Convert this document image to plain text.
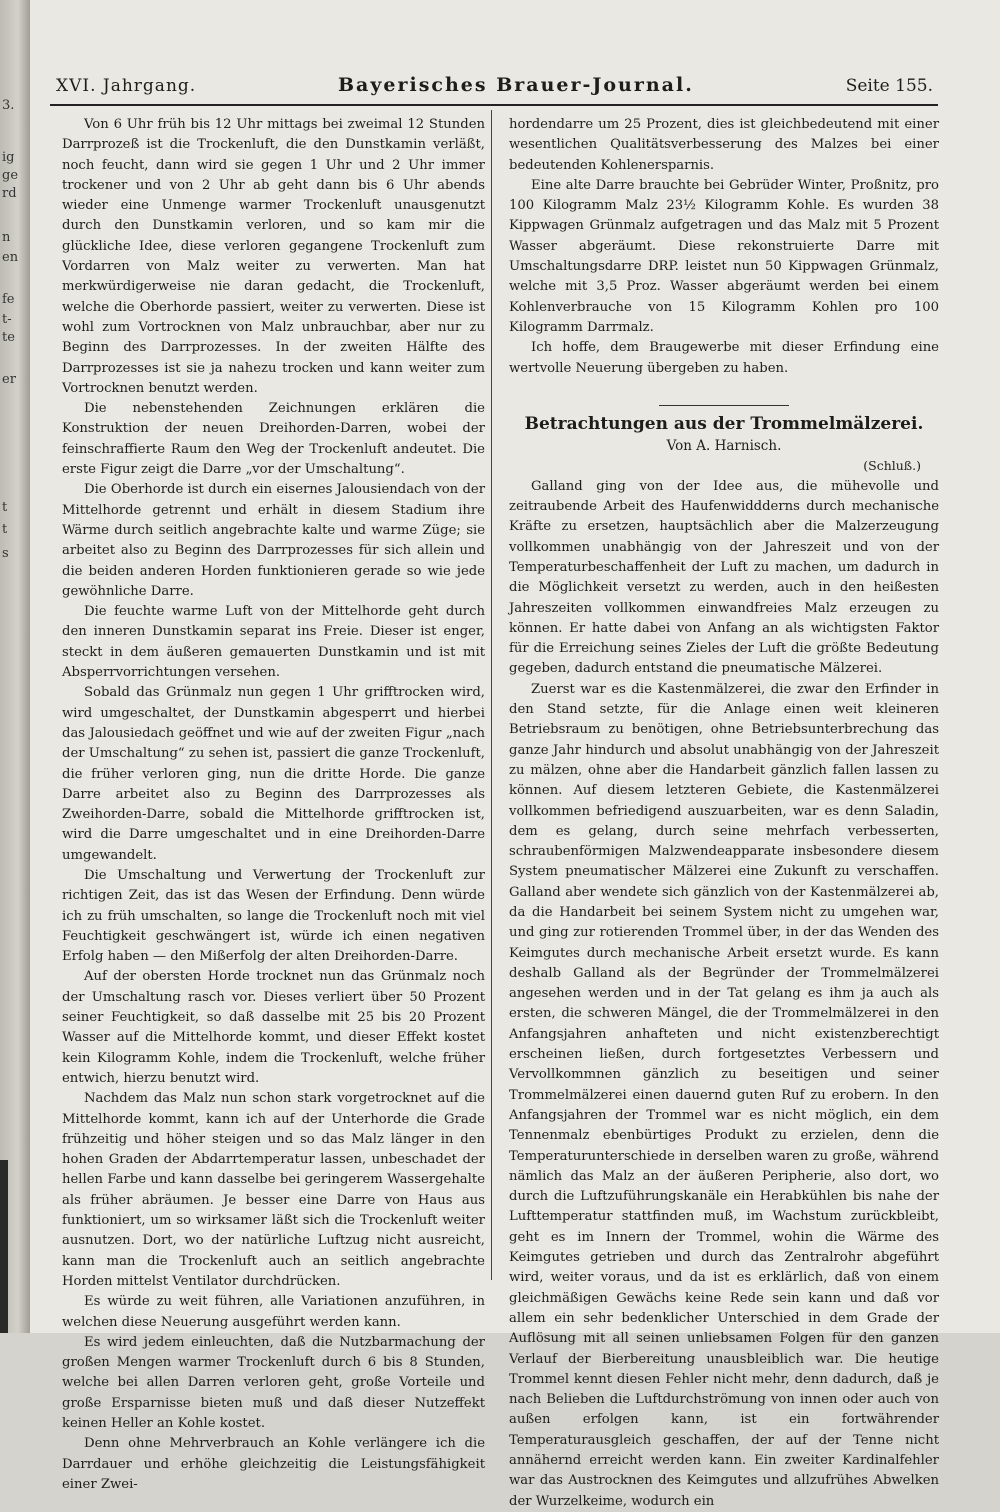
3.
ig
ge
rd
n
en
fe
t-
te
er
t
t
s
XVI. Jahrgang.	Bayerisches Brauer-Journal.	Seite 155.

Von 6 Uhr früh bis 12 Uhr mittags bei zweimal 12 Stunden Darrprozeß ist die Trockenluft, die den Dunstkamin verläßt, noch feucht, dann wird sie gegen 1 Uhr und 2 Uhr immer trockener und von 2 Uhr ab geht dann bis 6 Uhr abends wieder eine Unmenge warmer Trockenluft unausgenutzt durch den Dunstkamin verloren, und so kam mir die glückliche Idee, diese verloren gegangene Trockenluft zum Vordarren von Malz weiter zu verwerten. Man hat merkwürdigerweise nie daran gedacht, die Trockenluft, welche die Oberhorde passiert, weiter zu verwerten. Diese ist wohl zum Vortrocknen von Malz unbrauchbar, aber nur zu Beginn des Darrprozesses. In der zweiten Hälfte des Darrprozesses ist sie ja nahezu trocken und kann weiter zum Vortrocknen benutzt werden.

Die nebenstehenden Zeichnungen erklären die Konstruktion der neuen Dreihorden-Darren, wobei der feinschraffierte Raum den Weg der Trockenluft andeutet. Die erste Figur zeigt die Darre „vor der Umschaltung“.

Die Oberhorde ist durch ein eisernes Jalousiendach von der Mittelhorde getrennt und erhält in diesem Stadium ihre Wärme durch seitlich angebrachte kalte und warme Züge; sie arbeitet also zu Beginn des Darrprozesses für sich allein und die beiden anderen Horden funktionieren gerade so wie jede gewöhnliche Darre.

Die feuchte warme Luft von der Mittelhorde geht durch den inneren Dunstkamin separat ins Freie. Dieser ist enger, steckt in dem äußeren gemauerten Dunstkamin und ist mit Absperrvorrichtungen versehen.

Sobald das Grünmalz nun gegen 1 Uhr grifftrocken wird, wird umgeschaltet, der Dunstkamin abgesperrt und hierbei das Jalousiedach geöffnet und wie auf der zweiten Figur „nach der Umschaltung“ zu sehen ist, passiert die ganze Trockenluft, die früher verloren ging, nun die dritte Horde. Die ganze Darre arbeitet also zu Beginn des Darrprozesses als Zweihorden-Darre, sobald die Mittelhorde grifftrocken ist, wird die Darre umgeschaltet und in eine Dreihorden-Darre umgewandelt.

Die Umschaltung und Verwertung der Trockenluft zur richtigen Zeit, das ist das Wesen der Erfindung. Denn würde ich zu früh umschalten, so lange die Trockenluft noch mit viel Feuchtigkeit geschwängert ist, würde ich einen negativen Erfolg haben — den Mißerfolg der alten Dreihorden-Darre.

Auf der obersten Horde trocknet nun das Grünmalz noch der Umschaltung rasch vor. Dieses verliert über 50 Prozent seiner Feuchtigkeit, so daß dasselbe mit 25 bis 20 Prozent Wasser auf die Mittelhorde kommt, und dieser Effekt kostet kein Kilogramm Kohle, indem die Trockenluft, welche früher entwich, hierzu benutzt wird.

Nachdem das Malz nun schon stark vorgetrocknet auf die Mittelhorde kommt, kann ich auf der Unterhorde die Grade frühzeitig und höher steigen und so das Malz länger in den hohen Graden der Abdarrtemperatur lassen, unbeschadet der hellen Farbe und kann dasselbe bei geringerem Wassergehalte als früher abräumen. Je besser eine Darre von Haus aus funktioniert, um so wirksamer läßt sich die Trockenluft weiter ausnutzen. Dort, wo der natürliche Luftzug nicht ausreicht, kann man die Trockenluft auch an seitlich angebrachte Horden mittelst Ventilator durchdrücken.

Es würde zu weit führen, alle Variationen anzuführen, in welchen diese Neuerung ausgeführt werden kann.

Es wird jedem einleuchten, daß die Nutzbarmachung der großen Mengen warmer Trockenluft durch 6 bis 8 Stunden, welche bei allen Darren verloren geht, große Vorteile und große Ersparnisse bieten muß und daß dieser Nutzeffekt keinen Heller an Kohle kostet.

Denn ohne Mehrverbrauch an Kohle verlängere ich die Darrdauer und erhöhe gleichzeitig die Leistungsfähigkeit einer Zwei-

hordendarre um 25 Prozent, dies ist gleichbedeutend mit einer wesentlichen Qualitätsverbesserung des Malzes bei einer bedeutenden Kohlenersparnis.

Eine alte Darre brauchte bei Gebrüder Winter, Proßnitz, pro 100 Kilogramm Malz 23½ Kilogramm Kohle. Es wurden 38 Kippwagen Grünmalz aufgetragen und das Malz mit 5 Prozent Wasser abgeräumt. Diese rekonstruierte Darre mit Umschaltungsdarre DRP. leistet nun 50 Kippwagen Grünmalz, welche mit 3,5 Proz. Wasser abgeräumt werden bei einem Kohlenverbrauche von 15 Kilogramm Kohlen pro 100 Kilogramm Darrmalz.

Ich hoffe, dem Braugewerbe mit dieser Erfindung eine wertvolle Neuerung übergeben zu haben.

Betrachtungen aus der Trommelmälzerei.
Von A. Harnisch.
(Schluß.)

Galland ging von der Idee aus, die mühevolle und zeitraubende Arbeit des Haufenwiddderns durch mechanische Kräfte zu ersetzen, hauptsächlich aber die Malzerzeugung vollkommen unabhängig von der Jahreszeit und von der Temperaturbeschaffenheit der Luft zu machen, um dadurch in die Möglichkeit versetzt zu werden, auch in den heißesten Jahreszeiten vollkommen einwandfreies Malz erzeugen zu können. Er hatte dabei von Anfang an als wichtigsten Faktor für die Erreichung seines Zieles der Luft die größte Bedeutung gegeben, dadurch entstand die pneumatische Mälzerei.

Zuerst war es die Kastenmälzerei, die zwar den Erfinder in den Stand setzte, für die Anlage einen weit kleineren Betriebsraum zu benötigen, ohne Betriebsunterbrechung das ganze Jahr hindurch und absolut unabhängig von der Jahreszeit zu mälzen, ohne aber die Handarbeit gänzlich fallen lassen zu können. Auf diesem letzteren Gebiete, die Kastenmälzerei vollkommen befriedigend auszuarbeiten, war es denn Saladin, dem es gelang, durch seine mehrfach verbesserten, schraubenförmigen Malzwendeapparate insbesondere diesem System pneumatischer Mälzerei eine Zukunft zu verschaffen. Galland aber wendete sich gänzlich von der Kastenmälzerei ab, da die Handarbeit bei seinem System nicht zu umgehen war, und ging zur rotierenden Trommel über, in der das Wenden des Keimgutes durch mechanische Arbeit ersetzt wurde. Es kann deshalb Galland als der Begründer der Trommelmälzerei angesehen werden und in der Tat gelang es ihm ja auch als ersten, die schweren Mängel, die der Trommelmälzerei in den Anfangsjahren anhafteten und nicht existenzberechtigt erscheinen ließen, durch fortgesetztes Verbessern und Vervollkommnen gänzlich zu beseitigen und seiner Trommelmälzerei einen dauernd guten Ruf zu erobern. In den Anfangsjahren der Trommel war es nicht möglich, ein dem Tennenmalz ebenbürtiges Produkt zu erzielen, denn die Temperaturunterschiede in derselben waren zu große, während nämlich das Malz an der äußeren Peripherie, also dort, wo durch die Luftzuführungskanäle ein Herabkühlen bis nahe der Lufttemperatur stattfinden muß, im Wachstum zurückbleibt, geht es im Innern der Trommel, wohin die Wärme des Keimgutes getrieben und durch das Zentralrohr abgeführt wird, weiter voraus, und da ist es erklärlich, daß von einem gleichmäßigen Gewächs keine Rede sein kann und daß vor allem ein sehr bedenklicher Unterschied in dem Grade der Auflösung mit all seinen unliebsamen Folgen für den ganzen Verlauf der Bierbereitung unausbleiblich war. Die heutige Trommel kennt diesen Fehler nicht mehr, denn dadurch, daß je nach Belieben die Luftdurchströmung von innen oder auch von außen erfolgen kann, ist ein fortwährender Temperaturausgleich geschaffen, der auf der Tenne nicht annähernd erreicht werden kann. Ein zweiter Kardinalfehler war das Austrocknen des Keimgutes und allzufrühes Abwelken der Wurzelkeime, wodurch ein
